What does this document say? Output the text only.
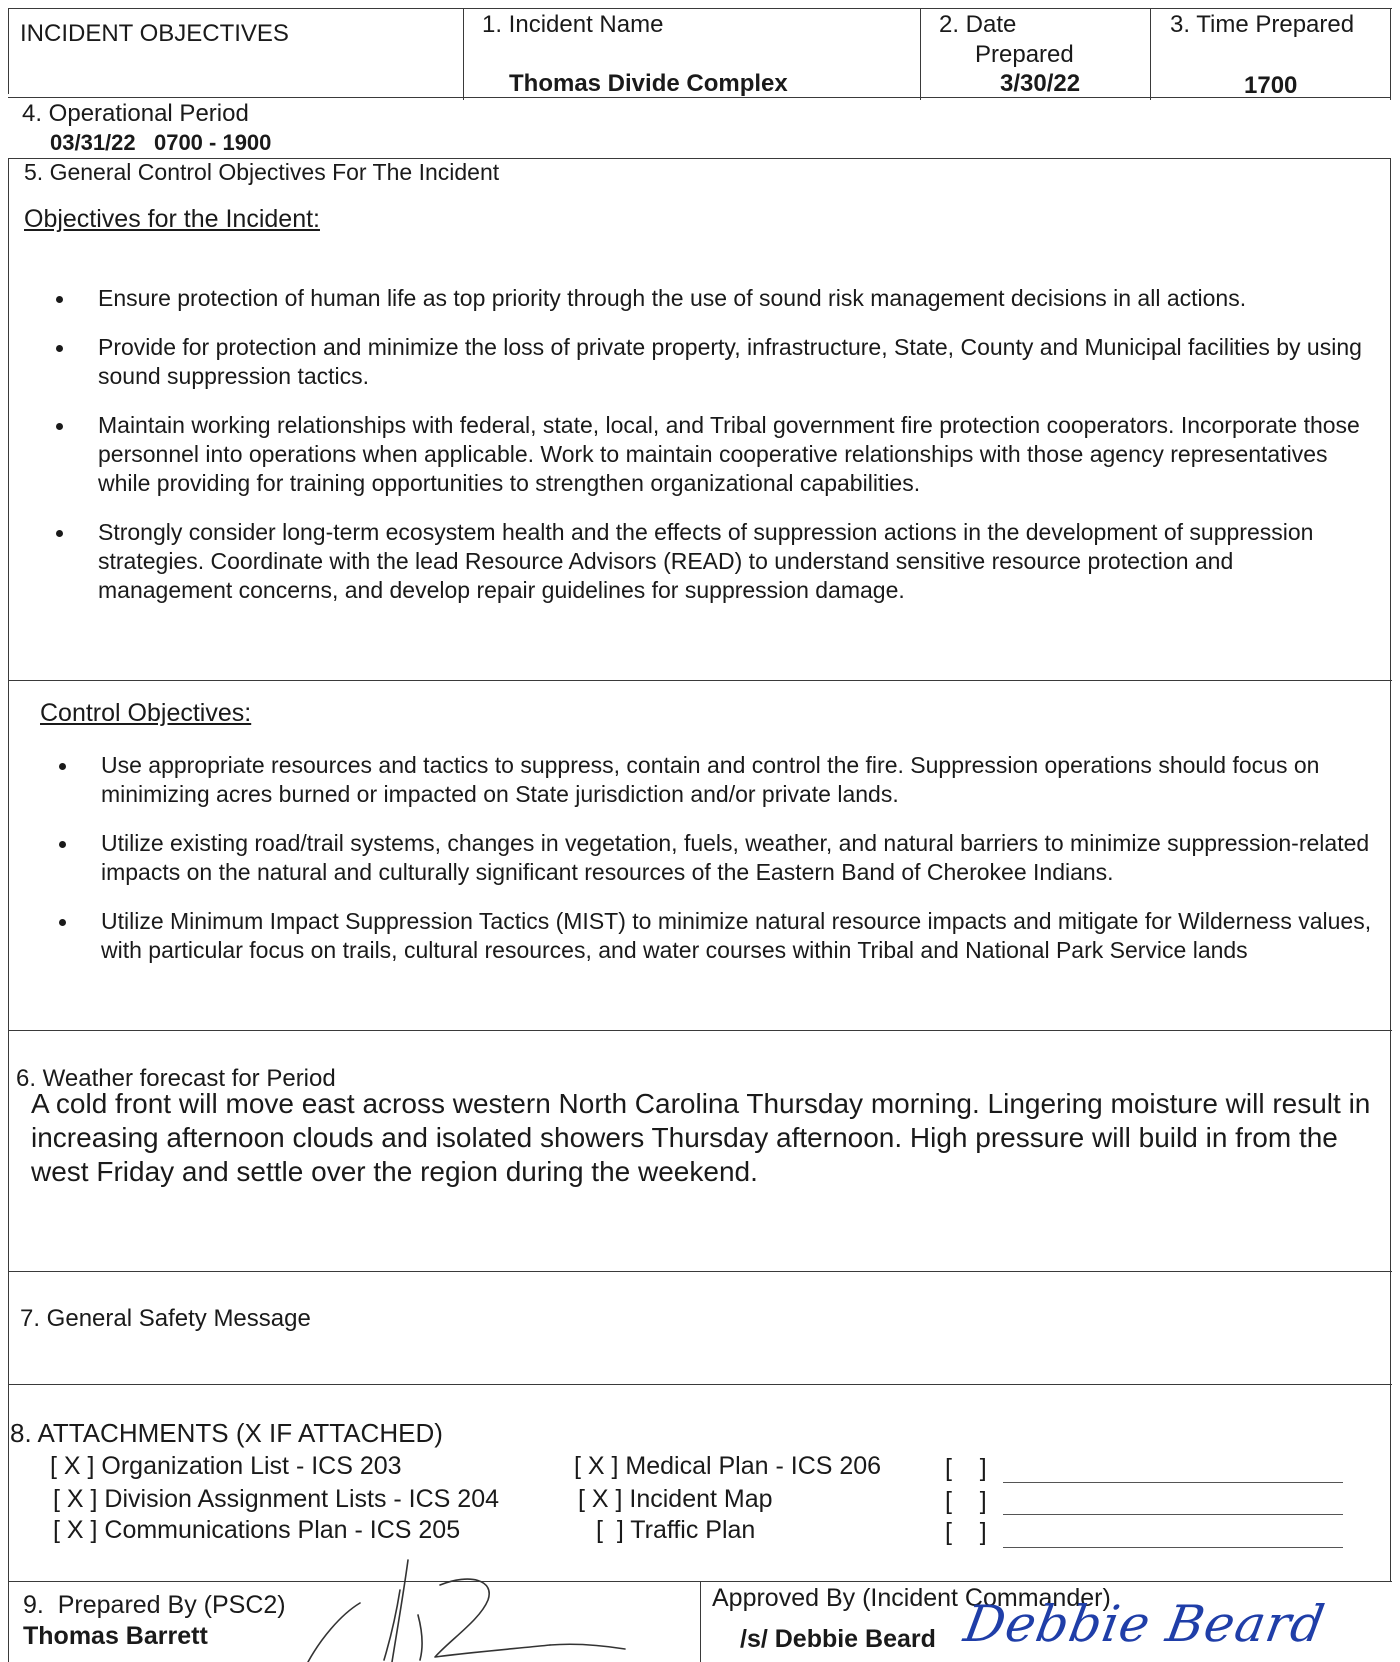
INCIDENT OBJECTIVES	1. Incident Name
Thomas Divide Complex
2. Date
Prepared
3/30/22
3. Time Prepared
1700
4. Operational Period
03/31/22   0700 - 1900
5. General Control Objectives For The Incident
Objectives for the Incident:
Ensure protection of human life as top priority through the use of sound risk management decisions in all actions.
Provide for protection and minimize the loss of private property, infrastructure, State, County and Municipal facilities by using sound suppression tactics.
Maintain working relationships with federal, state, local, and Tribal government fire protection cooperators. Incorporate those personnel into operations when applicable. Work to maintain cooperative relationships with those agency representatives while providing for training opportunities to strengthen organizational capabilities.
Strongly consider long-term ecosystem health and the effects of suppression actions in the development of suppression strategies. Coordinate with the lead Resource Advisors (READ) to understand sensitive resource protection and management concerns, and develop repair guidelines for suppression damage.
Control Objectives:
Use appropriate resources and tactics to suppress, contain and control the fire. Suppression operations should focus on minimizing acres burned or impacted on State jurisdiction and/or private lands.
Utilize existing road/trail systems, changes in vegetation, fuels, weather, and natural barriers to minimize suppression-related impacts on the natural and culturally significant resources of the Eastern Band of Cherokee Indians.
Utilize Minimum Impact Suppression Tactics (MIST) to minimize natural resource impacts and mitigate for Wilderness values, with particular focus on trails, cultural resources, and water courses within Tribal and National Park Service lands
6. Weather forecast for Period
A cold front will move east across western North Carolina Thursday morning. Lingering moisture will result in increasing afternoon clouds and isolated showers Thursday afternoon. High pressure will build in from the west Friday and settle over the region during the weekend.
7. General Safety Message
8. ATTACHMENTS (X IF ATTACHED)
[ X ] Organization List - ICS 203
[ X ] Division Assignment Lists - ICS 204
[ X ] Communications Plan - ICS 205
[ X ] Medical Plan - ICS 206
[ X ] Incident Map
[  ] Traffic Plan
[    ]
[    ]
[    ]
9.  Prepared By (PSC2)
Thomas Barrett
Approved By (Incident Commander)
/s/ Debbie Beard Debbie Beard
